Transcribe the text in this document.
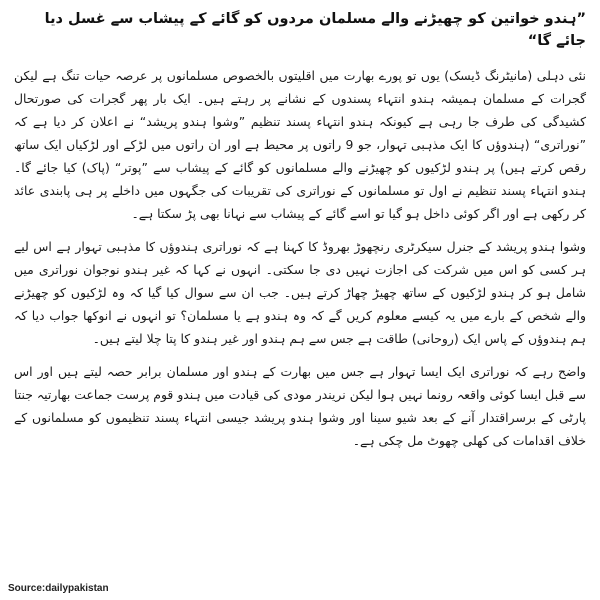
”ہندو خواتین کو چھیڑنے والے مسلمان مردوں کو گائے کے پیشاب سے غسل دیا جائے گا“

نئی دہلی (مانیٹرنگ ڈیسک) یوں تو پورے بھارت میں اقلیتوں بالخصوص مسلمانوں پر عرصہ حیات تنگ ہے لیکن گجرات کے مسلمان ہمیشہ ہندو انتہاء پسندوں کے نشانے پر رہتے ہیں۔ ایک بار پھر گجرات کی صورتحال کشیدگی کی طرف جا رہی ہے کیونکہ ہندو انتہاء پسند تنظیم ”وشوا ہندو پریشد“ نے اعلان کر دیا ہے کہ ”نوراتری“ (ہندوؤں کا ایک مذہبی تہوار، جو 9 راتوں پر محیط ہے اور ان راتوں میں لڑکے اور لڑکیاں ایک ساتھ رقص کرتے ہیں) پر ہندو لڑکیوں کو چھیڑنے والے مسلمانوں کو گائے کے پیشاب سے ”پوتر“ (پاک) کیا جائے گا۔ ہندو انتہاء پسند تنظیم نے اول تو مسلمانوں کے نوراتری کی تقریبات کی جگہوں میں داخلے پر ہی پابندی عائد کر رکھی ہے اور اگر کوئی داخل ہو گیا تو اسے گائے کے پیشاب سے نہانا بھی پڑ سکتا ہے۔

وشوا ہندو پریشد کے جنرل سیکرٹری رنچھوڑ بھروڈ کا کہنا ہے کہ نوراتری ہندوؤں کا مذہبی تہوار ہے اس لیے ہر کسی کو اس میں شرکت کی اجازت نہیں دی جا سکتی۔ انہوں نے کہا کہ غیر ہندو نوجوان نوراتری میں شامل ہو کر ہندو لڑکیوں کے ساتھ چھیڑ چھاڑ کرتے ہیں۔ جب ان سے سوال کیا گیا کہ وہ لڑکیوں کو چھیڑنے والے شخص کے بارے میں یہ کیسے معلوم کریں گے کہ وہ ہندو ہے یا مسلمان؟ تو انہوں نے انوکھا جواب دیا کہ ہم ہندوؤں کے پاس ایک (روحانی) طاقت ہے جس سے ہم ہندو اور غیر ہندو کا پتا چلا لیتے ہیں۔

واضح رہے کہ نوراتری ایک ایسا تہوار ہے جس میں بھارت کے ہندو اور مسلمان برابر حصہ لیتے ہیں اور اس سے قبل ایسا کوئی واقعہ رونما نہیں ہوا لیکن نریندر مودی کی قیادت میں ہندو قوم پرست جماعت بھارتیہ جنتا پارٹی کے برسراقتدار آنے کے بعد شیو سینا اور وشوا ہندو پریشد جیسی انتہاء پسند تنظیموں کو مسلمانوں کے خلاف اقدامات کی کھلی چھوٹ مل چکی ہے۔

Source:dailypakistan
